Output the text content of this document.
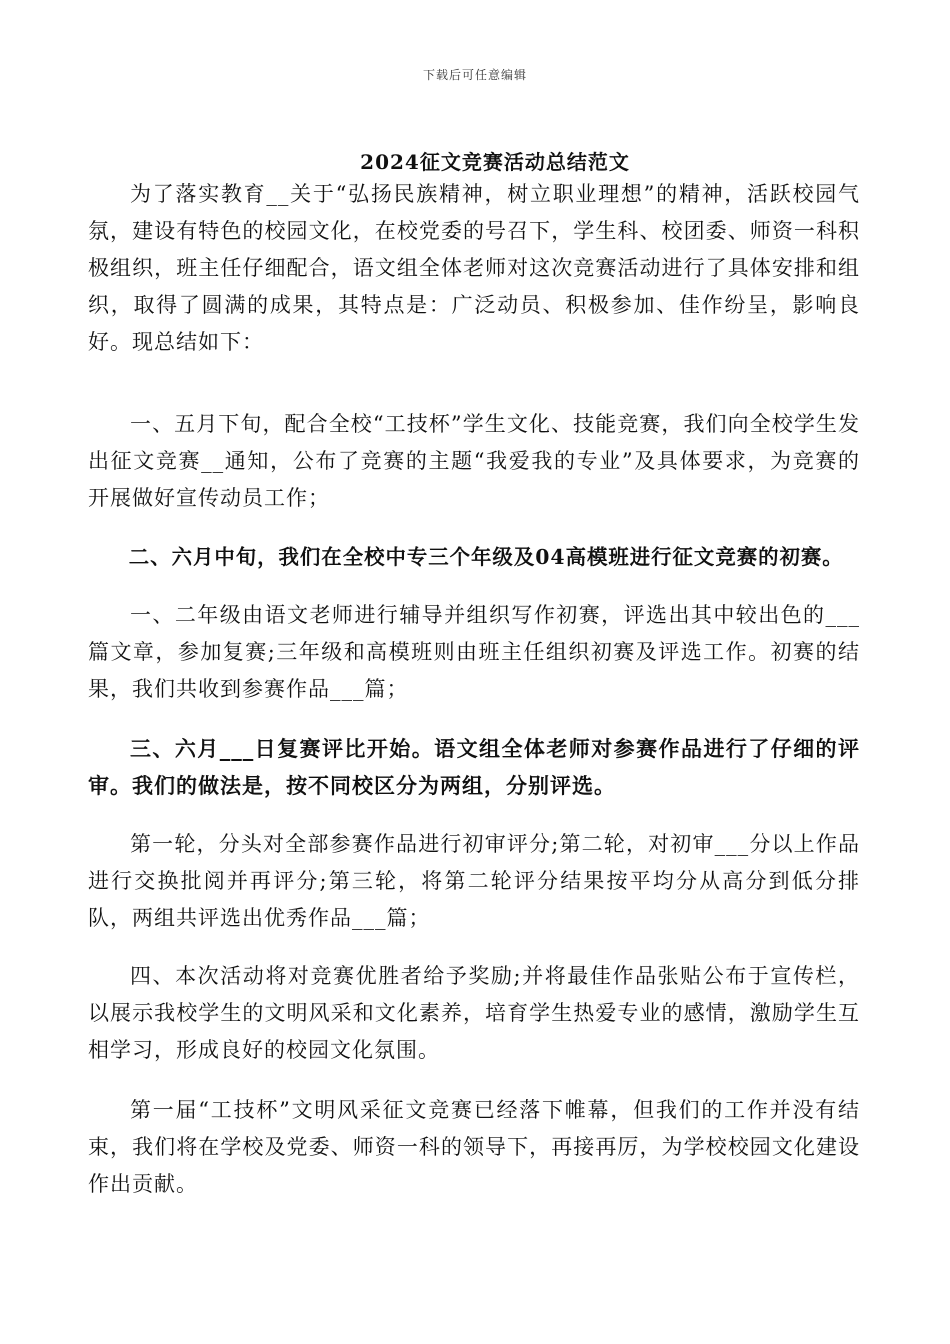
下载后可任意编辑
2024征文竞赛活动总结范文

为了落实教育__关于“弘扬民族精神，树立职业理想”的精神，活跃校园气氛，建设有特色的校园文化，在校党委的号召下，学生科、校团委、师资一科积极组织，班主任仔细配合，语文组全体老师对这次竞赛活动进行了具体安排和组织，取得了圆满的成果，其特点是：广泛动员、积极参加、佳作纷呈，影响良好。现总结如下：

一、五月下旬，配合全校“工技杯”学生文化、技能竞赛，我们向全校学生发出征文竞赛__通知，公布了竞赛的主题“我爱我的专业”及具体要求，为竞赛的开展做好宣传动员工作；

二、六月中旬，我们在全校中专三个年级及04高模班进行征文竞赛的初赛。

一、二年级由语文老师进行辅导并组织写作初赛，评选出其中较出色的___篇文章，参加复赛;三年级和高模班则由班主任组织初赛及评选工作。初赛的结果，我们共收到参赛作品___篇；

三、六月___日复赛评比开始。语文组全体老师对参赛作品进行了仔细的评审。我们的做法是，按不同校区分为两组，分别评选。

第一轮，分头对全部参赛作品进行初审评分;第二轮，对初审___分以上作品进行交换批阅并再评分;第三轮，将第二轮评分结果按平均分从高分到低分排队，两组共评选出优秀作品___篇；

四、本次活动将对竞赛优胜者给予奖励;并将最佳作品张贴公布于宣传栏，以展示我校学生的文明风采和文化素养，培育学生热爱专业的感情，激励学生互相学习，形成良好的校园文化氛围。

第一届“工技杯”文明风采征文竞赛已经落下帷幕，但我们的工作并没有结束，我们将在学校及党委、师资一科的领导下，再接再厉，为学校校园文化建设作出贡献。
